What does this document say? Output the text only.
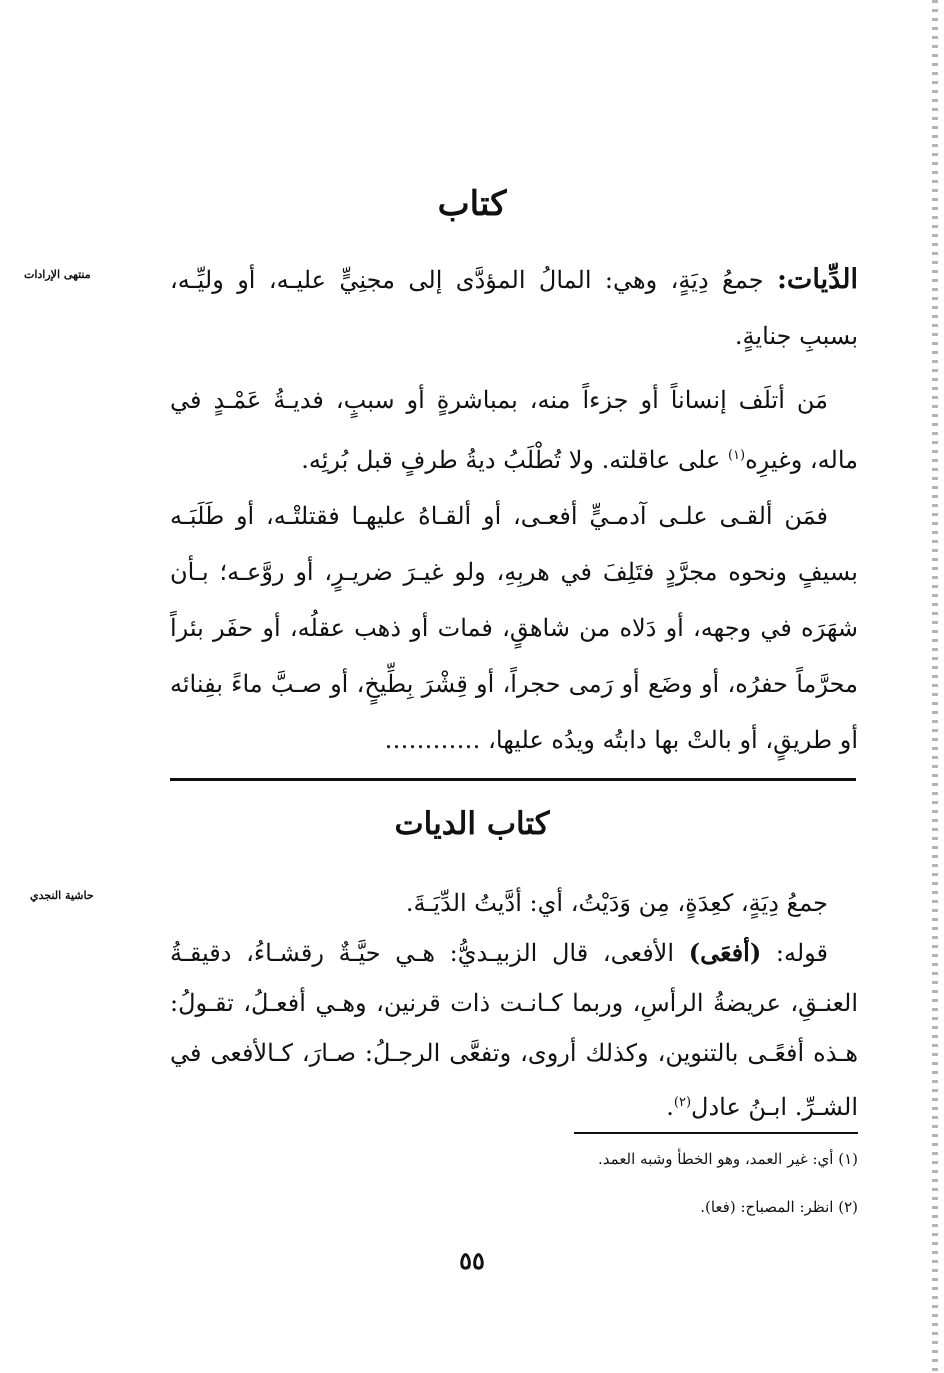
كتاب
منتهى الإرادات	الدِّيات: جمعُ دِيَةٍ، وهي: المالُ المؤدَّى إلى مجنِيٍّ عليـه، أو وليِّـه، بسببِ جنايةٍ.

مَن أتلَف إنساناً أو جزءاً منه، بمباشرةٍ أو سببٍ، فديـةُ عَمْـدٍ في ماله، وغيرِه$^{(١)}$ على عاقلته. ولا تُطْلَبُ ديةُ طرفٍ قبل بُرئِه.

فمَن ألقـى علـى آدمـيٍّ أفعـى، أو ألقـاهُ عليهـا فقتلتْـه، أو طَلَبَـه بسيفٍ ونحوه مجرَّدٍ فتَلِفَ في هربِهِ، ولو غيـرَ ضريـرٍ، أو روَّعـه؛ بـأن شهَرَه في وجهه، أو دَلاه من شاهقٍ، فمات أو ذهب عقلُه، أو حفَر بئراً محرَّماً حفرُه، أو وضَع أو رَمى حجراً، أو قِشْرَ بِطِّيخٍ، أو صـبَّ ماءً بفِنائه أو طريقٍ، أو بالتْ بها دابتُه ويدُه عليها، …………

كتاب الديات
حاشية النجدي	جمعُ دِيَةٍ، كعِدَةٍ، مِن وَدَيْتُ، أي: أدَّيتُ الدِّيَـةَ.

قوله: (أفعَى) الأفعى، قال الزبيـديُّ: هـي حيَّـةٌ رقشـاءُ، دقيقـةُ العنـقِ، عريضةُ الرأسِ، وربما كـانـت ذات قرنين، وهـي أفعـلُ، تقـولُ: هـذه أفعًـى بالتنوين، وكذلك أروى، وتفعَّى الرجـلُ: صـارَ، كـالأفعى في الشـرِّ. ابـنُ عادل$^{(٢)}$.

(١) أي: غير العمد، وهو الخطأ وشبه العمد.

(٢) انظر: المصباح: (فعا).

٥٥
